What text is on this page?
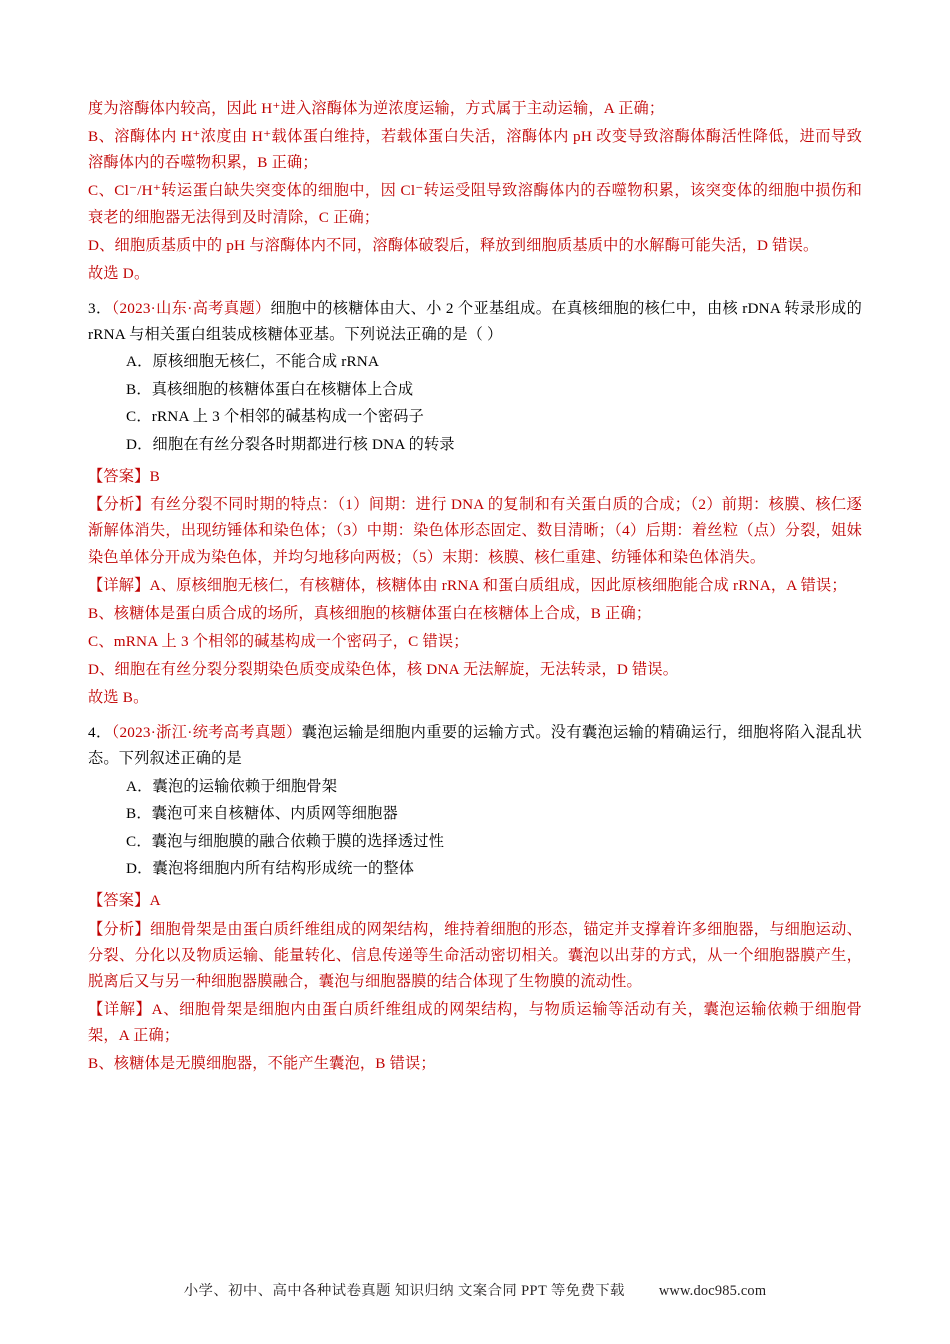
度为溶酶体内较高，因此 H⁺进入溶酶体为逆浓度运输，方式属于主动运输，A 正确；

B、溶酶体内 H⁺浓度由 H⁺载体蛋白维持，若载体蛋白失活，溶酶体内 pH 改变导致溶酶体酶活性降低，进而导致溶酶体内的吞噬物积累，B 正确；

C、Cl⁻/H⁺转运蛋白缺失突变体的细胞中，因 Cl⁻转运受阻导致溶酶体内的吞噬物积累，该突变体的细胞中损伤和衰老的细胞器无法得到及时清除，C 正确；

D、细胞质基质中的 pH 与溶酶体内不同，溶酶体破裂后，释放到细胞质基质中的水解酶可能失活，D 错误。

故选 D。

3．（2023·山东·高考真题）细胞中的核糖体由大、小 2 个亚基组成。在真核细胞的核仁中，由核 rDNA 转录形成的 rRNA 与相关蛋白组装成核糖体亚基。下列说法正确的是（ ）

A．原核细胞无核仁，不能合成 rRNA

B．真核细胞的核糖体蛋白在核糖体上合成

C．rRNA 上 3 个相邻的碱基构成一个密码子

D．细胞在有丝分裂各时期都进行核 DNA 的转录

【答案】B

【分析】有丝分裂不同时期的特点：（1）间期：进行 DNA 的复制和有关蛋白质的合成；（2）前期：核膜、核仁逐渐解体消失，出现纺锤体和染色体；（3）中期：染色体形态固定、数目清晰；（4）后期：着丝粒（点）分裂，姐妹染色单体分开成为染色体，并均匀地移向两极；（5）末期：核膜、核仁重建、纺锤体和染色体消失。

【详解】A、原核细胞无核仁，有核糖体，核糖体由 rRNA 和蛋白质组成，因此原核细胞能合成 rRNA，A 错误；

B、核糖体是蛋白质合成的场所，真核细胞的核糖体蛋白在核糖体上合成，B 正确；

C、mRNA 上 3 个相邻的碱基构成一个密码子，C 错误；

D、细胞在有丝分裂分裂期染色质变成染色体，核 DNA 无法解旋，无法转录，D 错误。

故选 B。

4．（2023·浙江·统考高考真题）囊泡运输是细胞内重要的运输方式。没有囊泡运输的精确运行，细胞将陷入混乱状态。下列叙述正确的是

A．囊泡的运输依赖于细胞骨架

B．囊泡可来自核糖体、内质网等细胞器

C．囊泡与细胞膜的融合依赖于膜的选择透过性

D．囊泡将细胞内所有结构形成统一的整体

【答案】A

【分析】细胞骨架是由蛋白质纤维组成的网架结构，维持着细胞的形态，锚定并支撑着许多细胞器，与细胞运动、分裂、分化以及物质运输、能量转化、信息传递等生命活动密切相关。囊泡以出芽的方式，从一个细胞器膜产生，脱离后又与另一种细胞器膜融合，囊泡与细胞器膜的结合体现了生物膜的流动性。

【详解】A、细胞骨架是细胞内由蛋白质纤维组成的网架结构，与物质运输等活动有关，囊泡运输依赖于细胞骨架，A 正确；

B、核糖体是无膜细胞器，不能产生囊泡，B 错误；

小学、初中、高中各种试卷真题 知识归纳 文案合同 PPT 等免费下载 www.doc985.com
